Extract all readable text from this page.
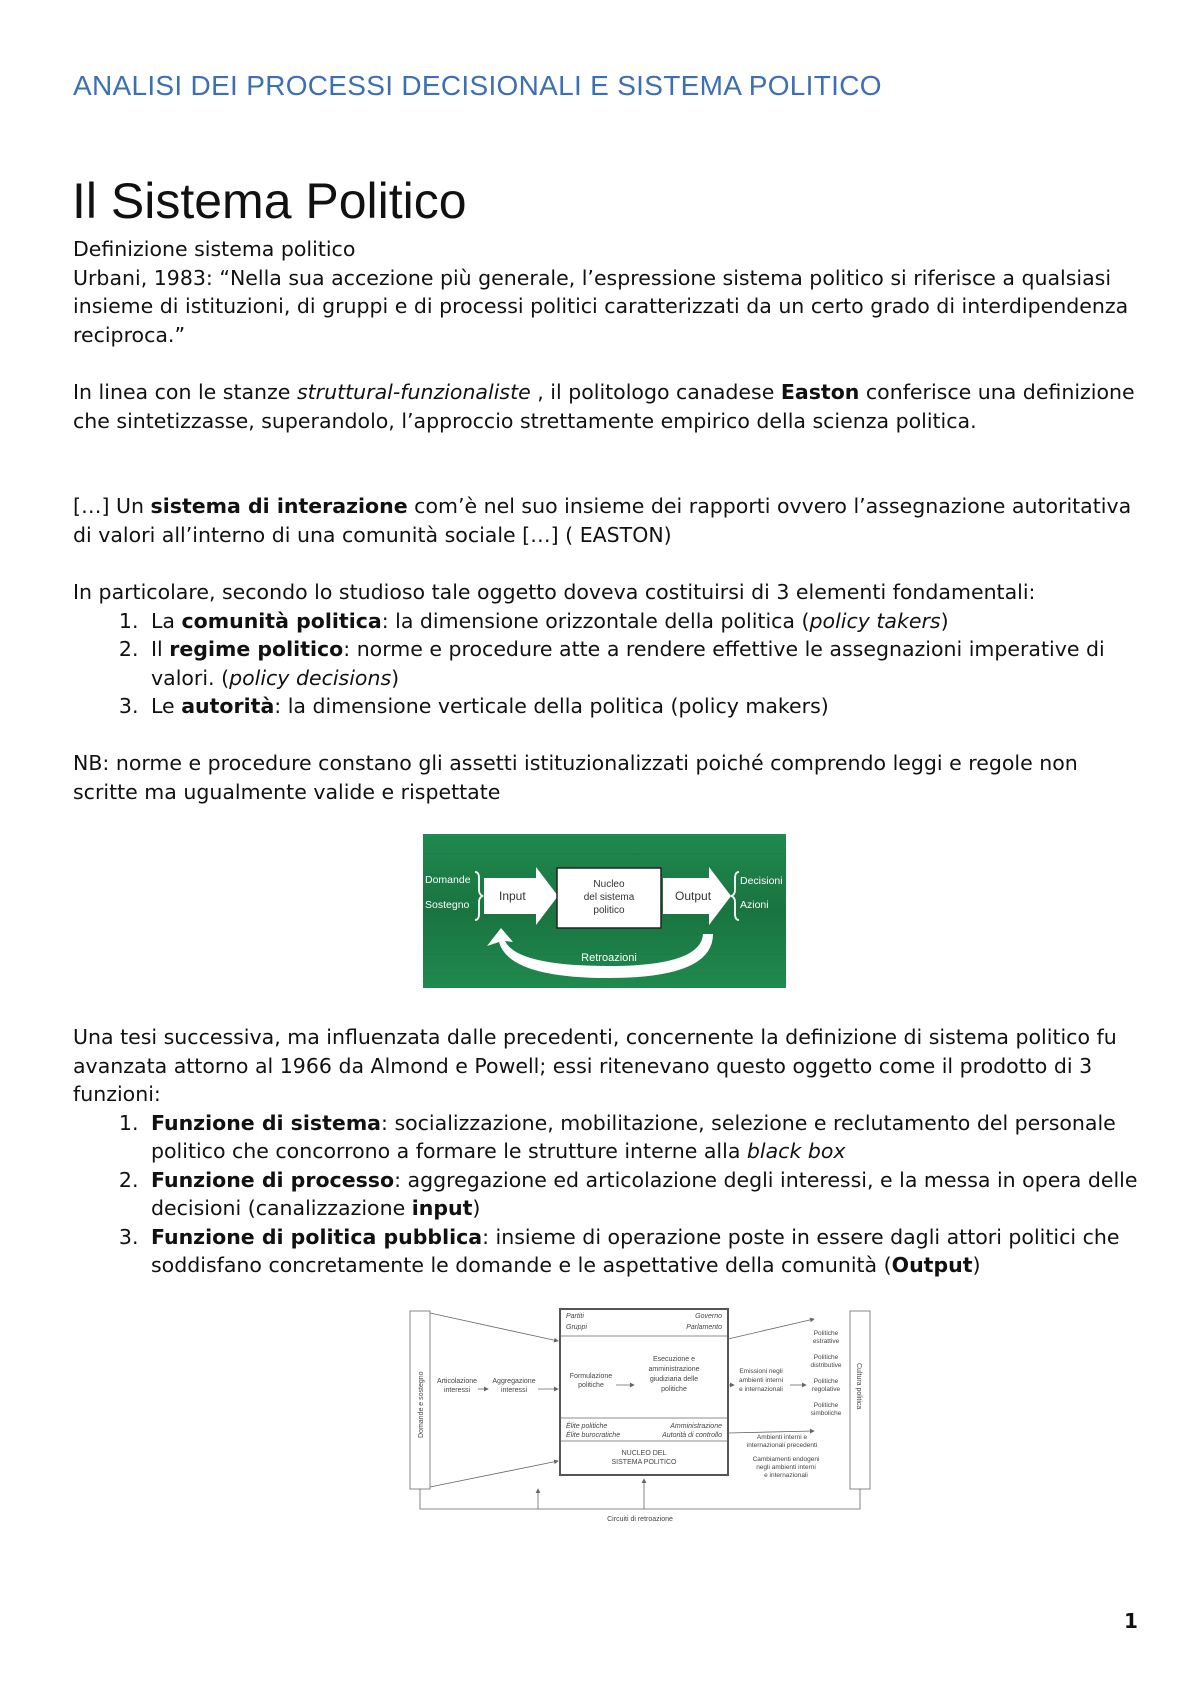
ANALISI DEI PROCESSI DECISIONALI E SISTEMA POLITICO
Il Sistema Politico

Definizione sistema politico

Urbani, 1983: “Nella sua accezione più generale, l’espressione sistema politico si riferisce a qualsiasi insieme di istituzioni, di gruppi e di processi politici caratterizzati da un certo grado di interdipendenza reciproca.”

In linea con le stanze struttural-funzionaliste , il politologo canadese Easton conferisce una definizione che sintetizzasse, superandolo, l’approccio strettamente empirico della scienza politica.

[…] Un sistema di interazione com’è nel suo insieme dei rapporti ovvero l’assegnazione autoritativa di valori all’interno di una comunità sociale […] ( EASTON)

In particolare, secondo lo studioso tale oggetto doveva costituirsi di 3 elementi fondamentali:

1. La comunità politica: la dimensione orizzontale della politica (policy takers)
2. Il regime politico: norme e procedure atte a rendere effettive le assegnazioni imperative di valori. (policy decisions)
3. Le autorità: la dimensione verticale della politica (policy makers)

NB: norme e procedure constano gli assetti istituzionalizzati poiché comprendo leggi e regole non scritte ma ugualmente valide e rispettate

Domande
Sostegno
Input
Nucleo
del sistema
politico
Output
Decisioni
Azioni
Retroazioni

Una tesi successiva, ma influenzata dalle precedenti, concernente la definizione di sistema politico fu avanzata attorno al 1966 da Almond e Powell; essi ritenevano questo oggetto come il prodotto di 3 funzioni:

1. Funzione di sistema: socializzazione, mobilitazione, selezione e reclutamento del personale politico che concorrono a formare le strutture interne alla black box
2. Funzione di processo: aggregazione ed articolazione degli interessi, e la messa in opera delle decisioni (canalizzazione input)
3. Funzione di politica pubblica: insieme di operazione poste in essere dagli attori politici che soddisfano concretamente le domande e le aspettative della comunità (Output)
Domande e sostegno	Cultura politica
Articolazione
interessi
Aggregazione
interessi
Partiti
Gruppi
Governo
Parlamento
Formulazione
politiche
Esecuzione e
amministrazione
giudiziaria delle
politiche
Élite politiche
Élite burocratiche
Amministrazione
Autorità di controllo
NUCLEO DEL
SISTEMA POLITICO
Emissioni negli
ambienti interni
e internazionali
Politiche
estrattive
Politiche
distributive
Politiche
regolative
Politiche
simboliche
Ambienti interni e
internazionali precedenti
Cambiamenti endogeni
negli ambienti interni
e internazionali
Circuiti di retroazione
1
